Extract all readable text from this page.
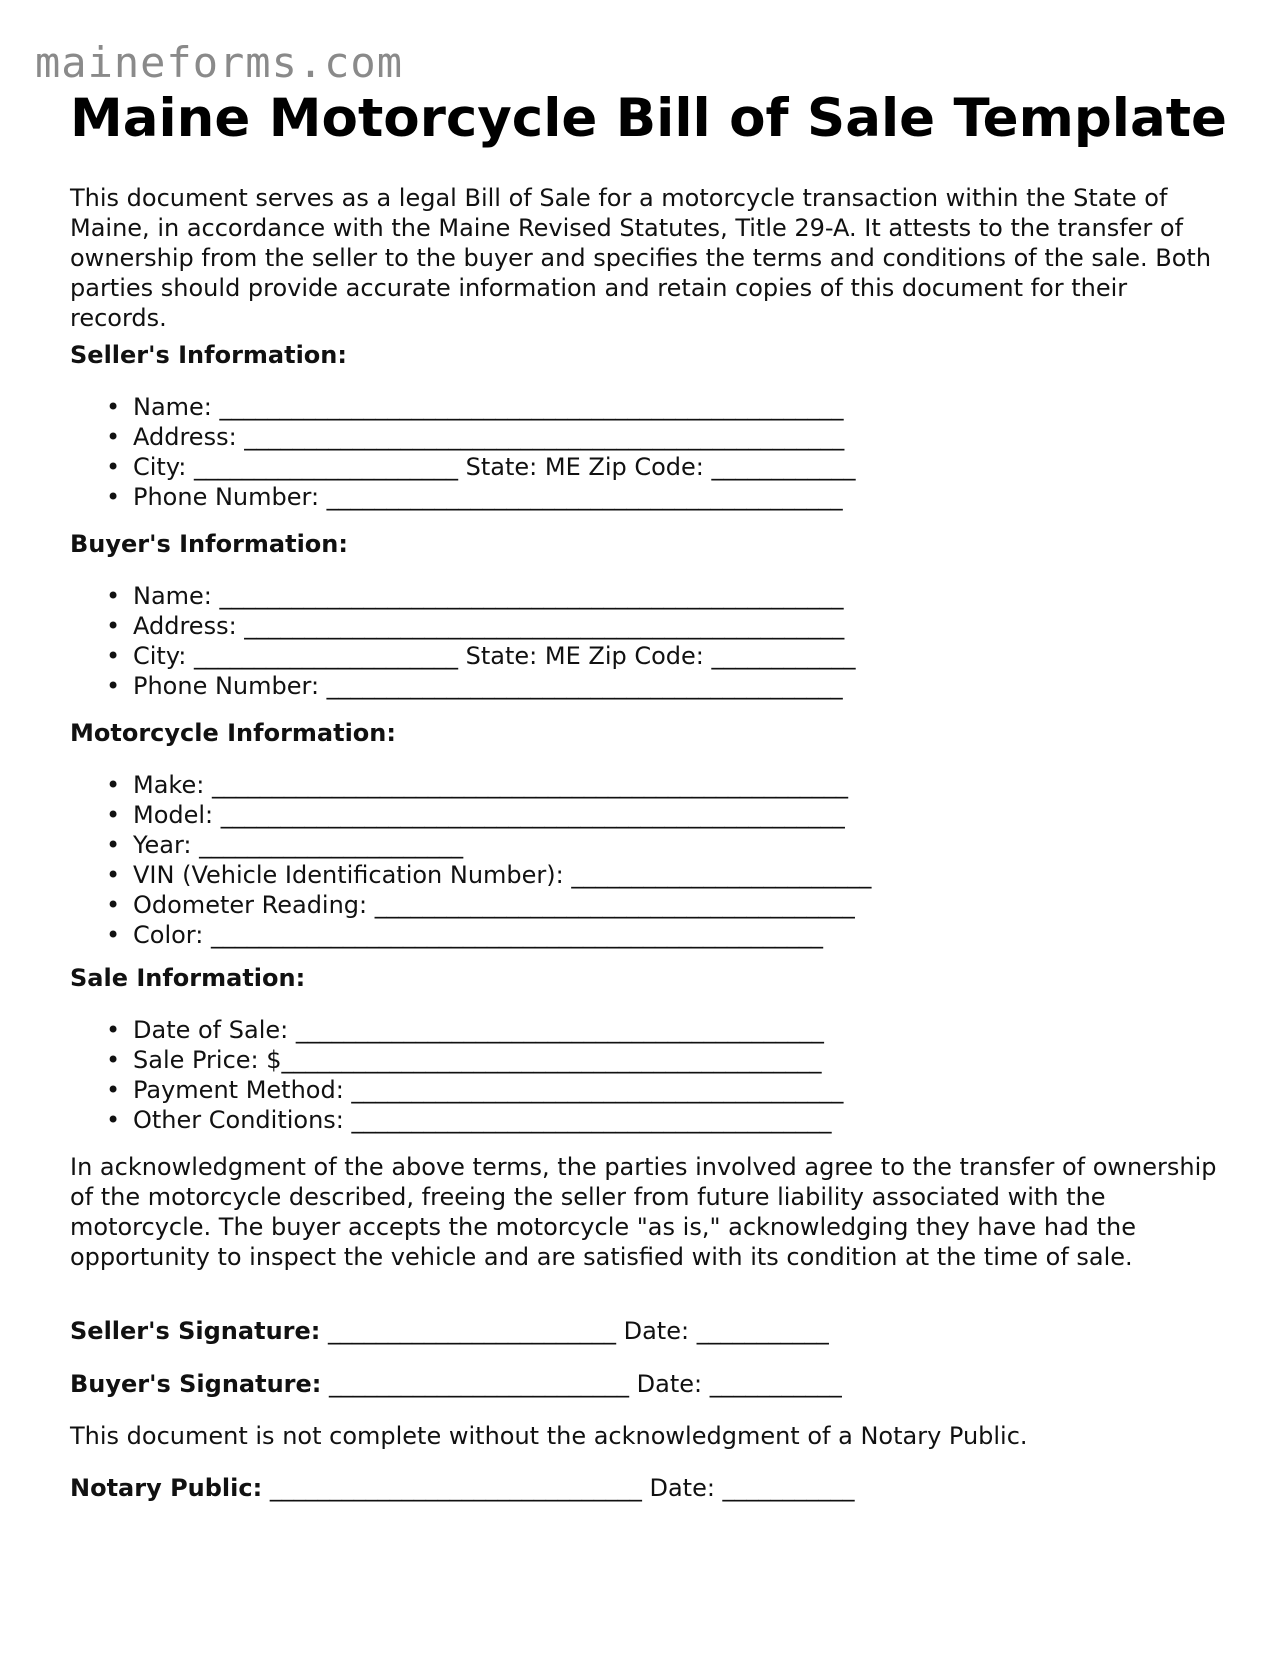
maineforms.com
Maine Motorcycle Bill of Sale Template

This document serves as a legal Bill of Sale for a motorcycle transaction within the State of Maine, in accordance with the Maine Revised Statutes, Title 29-A. It attests to the transfer of ownership from the seller to the buyer and specifies the terms and conditions of the sale. Both parties should provide accurate information and retain copies of this document for their records.

Seller's Information:
• Name: ____________________________________________________
• Address: __________________________________________________
• City: ______________________ State: ME Zip Code: ____________
• Phone Number: ___________________________________________
Buyer's Information:
• Name: ____________________________________________________
• Address: __________________________________________________
• City: ______________________ State: ME Zip Code: ____________
• Phone Number: ___________________________________________
Motorcycle Information:
• Make: _____________________________________________________
• Model: ____________________________________________________
• Year: ______________________
• VIN (Vehicle Identification Number): _________________________
• Odometer Reading: ________________________________________
• Color: ___________________________________________________
Sale Information:
• Date of Sale: ____________________________________________
• Sale Price: $_____________________________________________
• Payment Method: _________________________________________
• Other Conditions: ________________________________________

In acknowledgment of the above terms, the parties involved agree to the transfer of ownership of the motorcycle described, freeing the seller from future liability associated with the motorcycle. The buyer accepts the motorcycle "as is," acknowledging they have had the opportunity to inspect the vehicle and are satisfied with its condition at the time of sale.

Seller's Signature: ________________________ Date: ___________

Buyer's Signature: _________________________ Date: ___________

This document is not complete without the acknowledgment of a Notary Public.

Notary Public: _______________________________ Date: ___________
